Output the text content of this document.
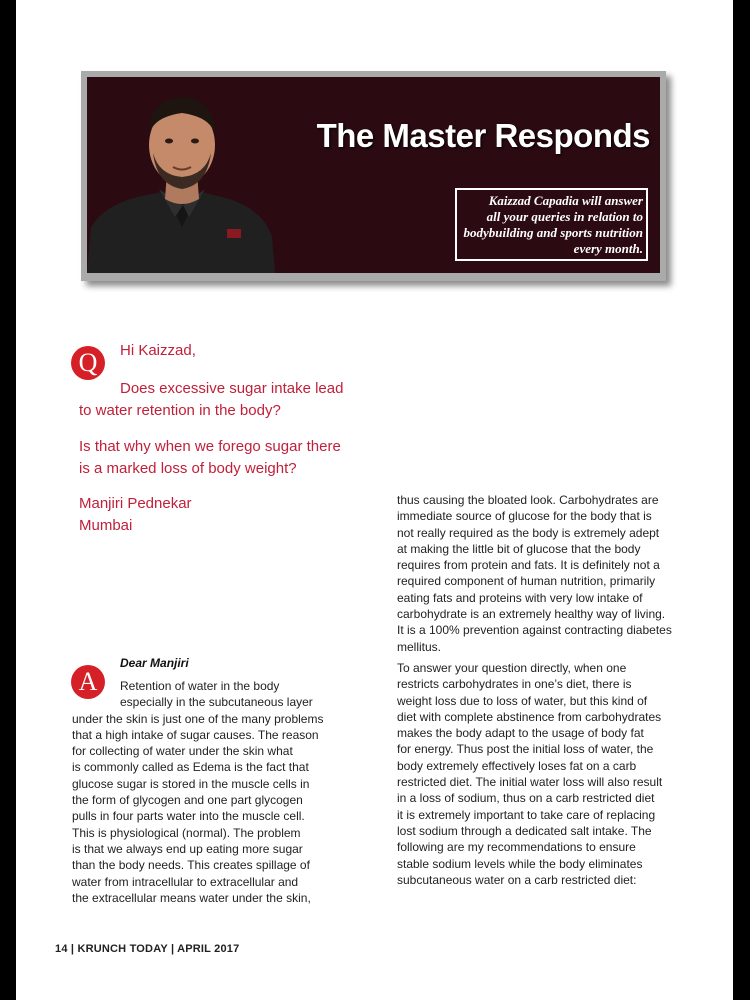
The Master Responds
Kaizzad Capadia will answer
all your queries in relation to
bodybuilding and sports nutrition
every month.
Q	Hi Kaizzad,
Does excessive sugar intake lead
to water retention in the body?
Is that why when we forego sugar there
is a marked loss of body weight?
Manjiri Pednekar
Mumbai
A
Dear Manjiri
Retention of water in the body
especially in the subcutaneous layer
under the skin is just one of the many problems
that a high intake of sugar causes. The reason
for collecting of water under the skin what
is commonly called as Edema is the fact that
glucose sugar is stored in the muscle cells in
the form of glycogen and one part glycogen
pulls in four parts water into the muscle cell.
This is physiological (normal). The problem
is that we always end up eating more sugar
than the body needs. This creates spillage of
water from intracellular to extracellular and
the extracellular means water under the skin,
thus causing the bloated look. Carbohydrates are
immediate source of glucose for the body that is
not really required as the body is extremely adept
at making the little bit of glucose that the body
requires from protein and fats. It is definitely not a
required component of human nutrition, primarily
eating fats and proteins with very low intake of
carbohydrate is an extremely healthy way of living.
It is a 100% prevention against contracting diabetes
mellitus.
To answer your question directly, when one
restricts carbohydrates in one’s diet, there is
weight loss due to loss of water, but this kind of
diet with complete abstinence from carbohydrates
makes the body adapt to the usage of body fat
for energy. Thus post the initial loss of water, the
body extremely effectively loses fat on a carb
restricted diet. The initial water loss will also result
in a loss of sodium, thus on a carb restricted diet
it is extremely important to take care of replacing
lost sodium through a dedicated salt intake. The
following are my recommendations to ensure
stable sodium levels while the body eliminates
subcutaneous water on a carb restricted diet:
14 | KRUNCH TODAY | APRIL 2017
